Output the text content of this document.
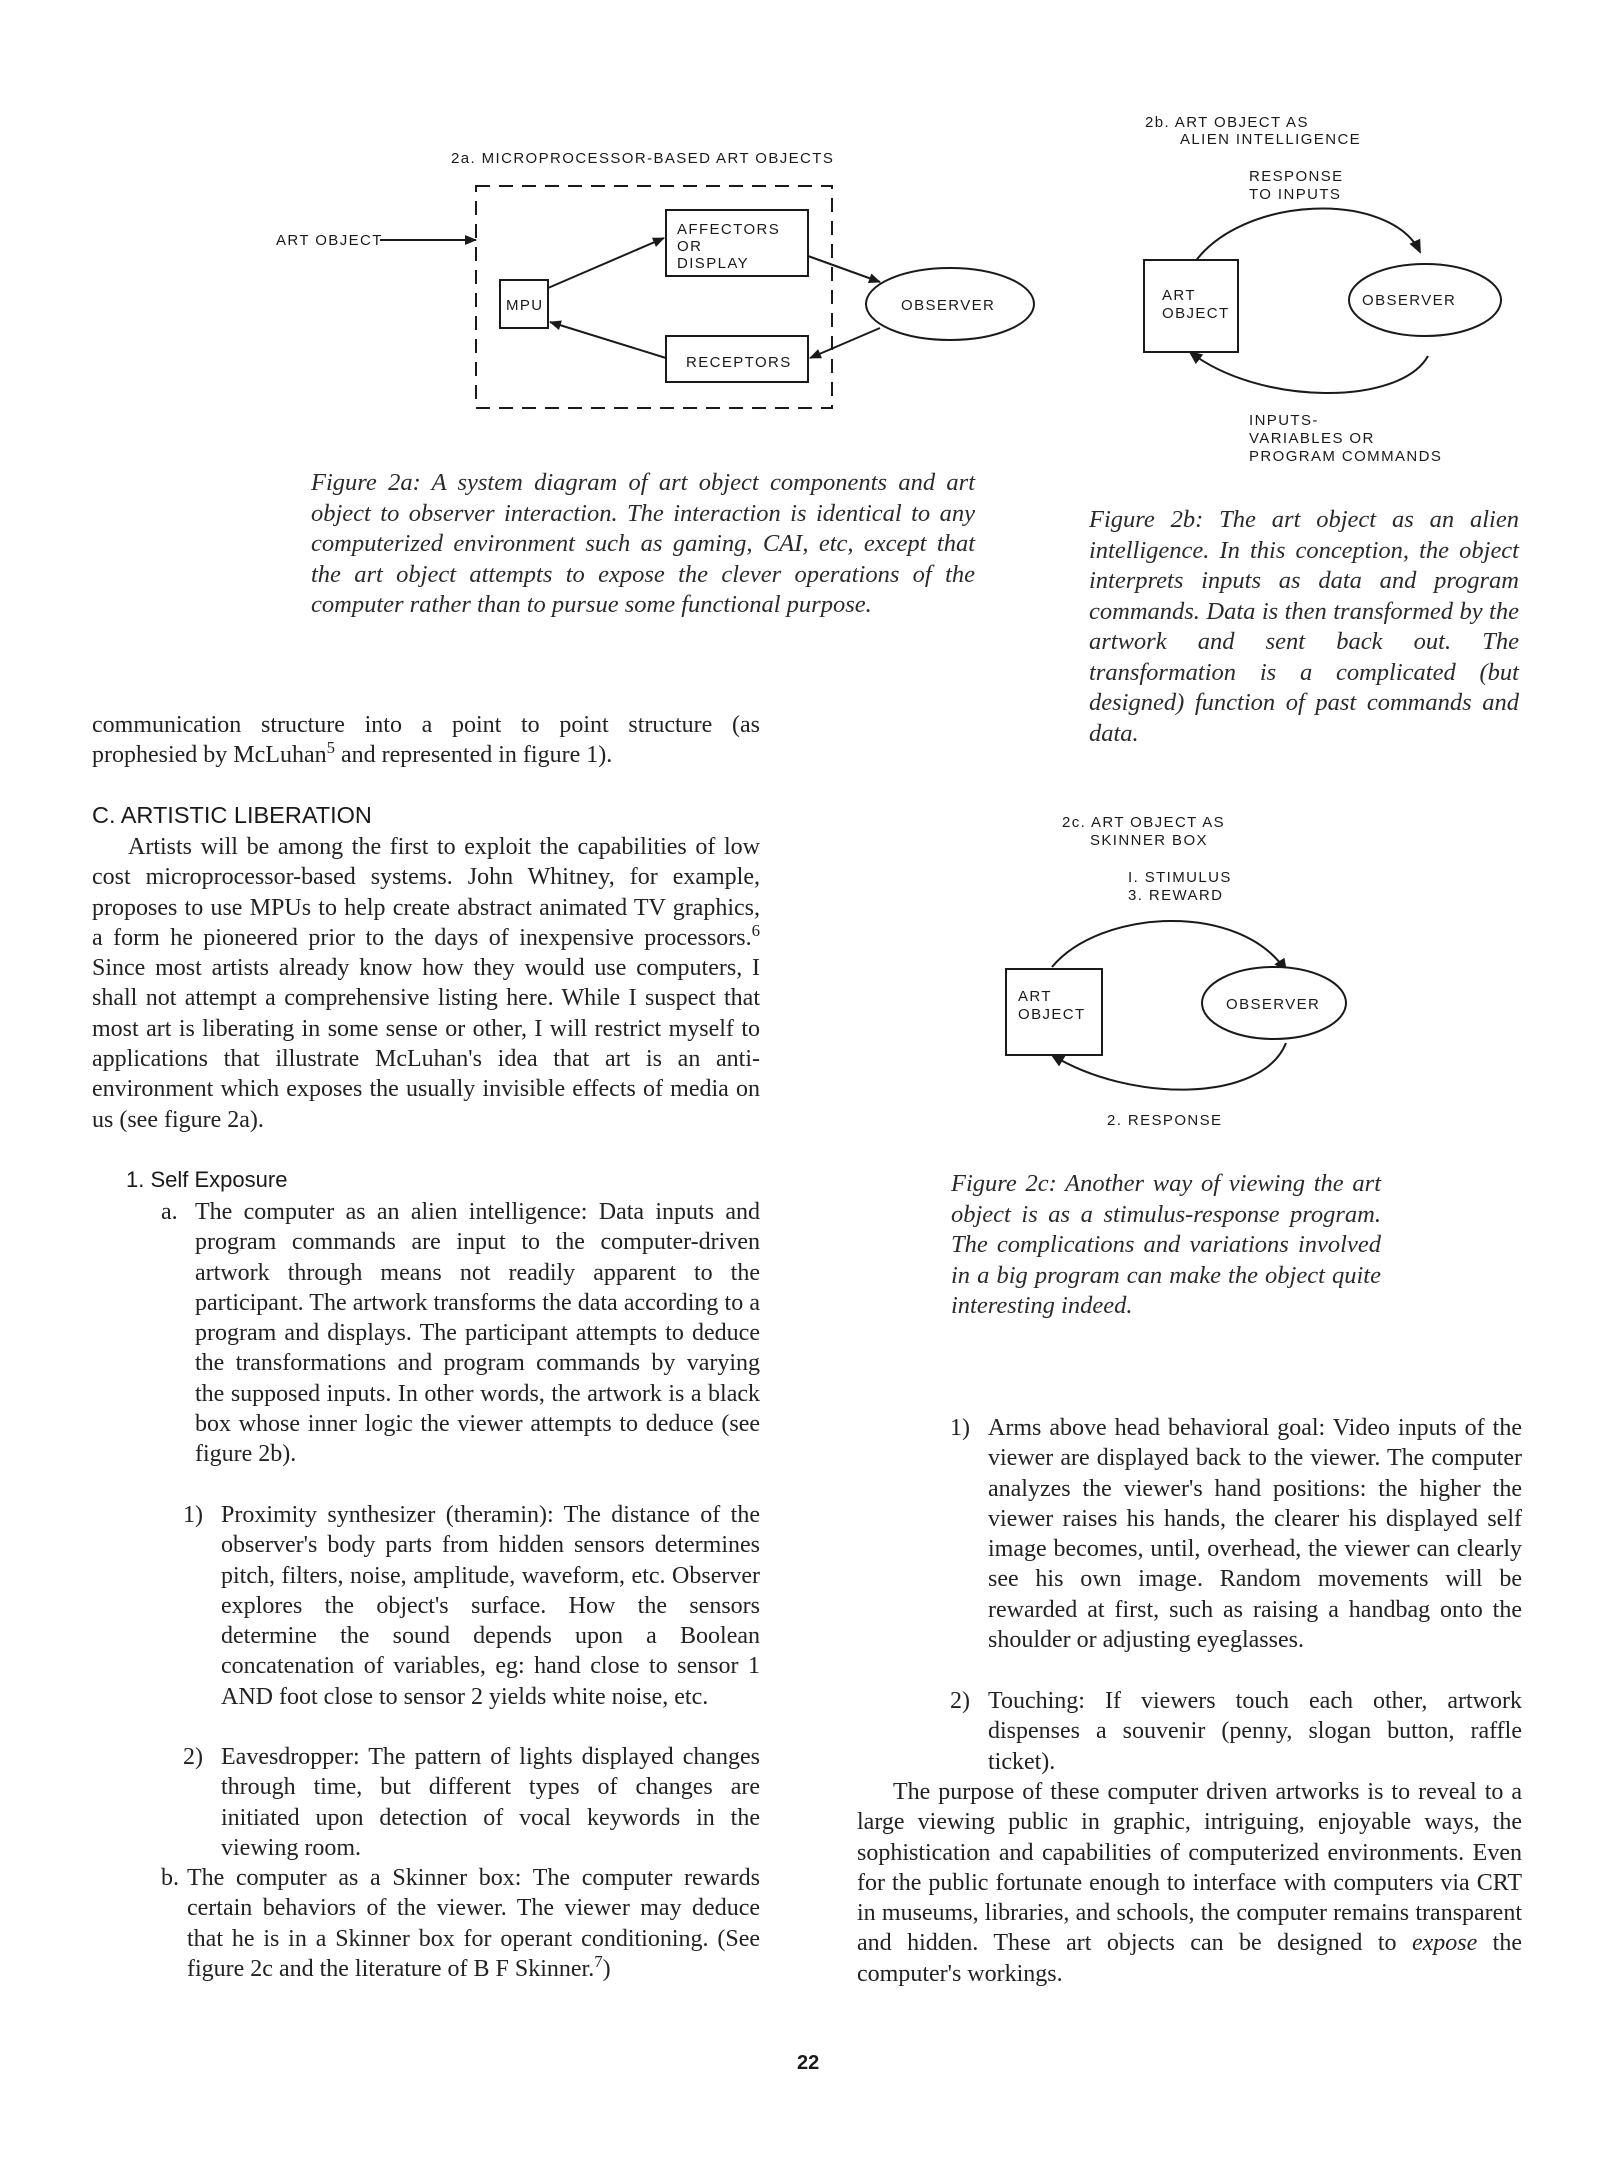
2a. MICROPROCESSOR-BASED ART OBJECTS
ART OBJECT
AFFECTORS
OR
DISPLAY
MPU
RECEPTORS
OBSERVER
Figure 2a: A system diagram of art object components and art object to observer interaction. The interaction is identical to any computerized environment such as gaming, CAI, etc, except that the art object attempts to expose the clever operations of the computer rather than to pursue some functional purpose.
2b. ART OBJECT AS
ALIEN INTELLIGENCE
RESPONSE
TO INPUTS
ART
OBJECT
OBSERVER
INPUTS-
VARIABLES OR
PROGRAM COMMANDS
Figure 2b: The art object as an alien intelligence. In this conception, the object interprets inputs as data and program commands. Data is then transformed by the artwork and sent back out. The transformation is a complicated (but designed) function of past commands and data.
2c. ART OBJECT AS
SKINNER BOX
I. STIMULUS
3. REWARD
ART
OBJECT
OBSERVER
2. RESPONSE
Figure 2c: Another way of viewing the art object is as a stimulus-response program. The complications and variations involved in a big program can make the object quite interesting indeed.
communication structure into a point to point structure (as
prophesied by McLuhan$^5$ and represented in figure 1).
C. ARTISTIC LIBERATION
Artists will be among the first to exploit the capabilities of low cost microprocessor-based systems. John Whitney, for example, proposes to use MPUs to help create abstract animated TV graphics, a form he pioneered prior to the days of inexpensive processors.$^6$ Since most artists already know how they would use computers, I shall not attempt a comprehensive listing here. While I suspect that most art is liberating in some sense or other, I will restrict myself to applications that illustrate McLuhan's idea that art is an anti-environment which exposes the usually invisible effects of media on us (see figure 2a).
1. Self Exposure
a. The computer as an alien intelligence: Data inputs and program commands are input to the computer-driven artwork through means not readily apparent to the participant. The artwork transforms the data according to a program and displays. The participant attempts to deduce the transformations and program commands by varying the supposed inputs. In other words, the artwork is a black box whose inner logic the viewer attempts to deduce (see figure 2b).
1) Proximity synthesizer (theramin): The distance of the observer's body parts from hidden sensors determines pitch, filters, noise, amplitude, waveform, etc. Observer explores the object's surface. How the sensors determine the sound depends upon a Boolean concatenation of variables, eg: hand close to sensor 1 AND foot close to sensor 2 yields white noise, etc.
2) Eavesdropper: The pattern of lights displayed changes through time, but different types of changes are initiated upon detection of vocal keywords in the viewing room.
b. The computer as a Skinner box: The computer rewards certain behaviors of the viewer. The viewer may deduce that he is in a Skinner box for operant conditioning. (See figure 2c and the literature of B F Skinner.$^7$)
1) Arms above head behavioral goal: Video inputs of the viewer are displayed back to the viewer. The computer analyzes the viewer's hand positions: the higher the viewer raises his hands, the clearer his displayed self image becomes, until, overhead, the viewer can clearly see his own image. Random movements will be rewarded at first, such as raising a handbag onto the shoulder or adjusting eyeglasses.
2) Touching: If viewers touch each other, artwork dispenses a souvenir (penny, slogan button, raffle ticket).
The purpose of these computer driven artworks is to reveal to a large viewing public in graphic, intriguing, enjoyable ways, the sophistication and capabilities of computerized environments. Even for the public fortunate enough to interface with computers via CRT in museums, libraries, and schools, the computer remains transparent and hidden. These art objects can be designed to expose the computer's workings.
22
